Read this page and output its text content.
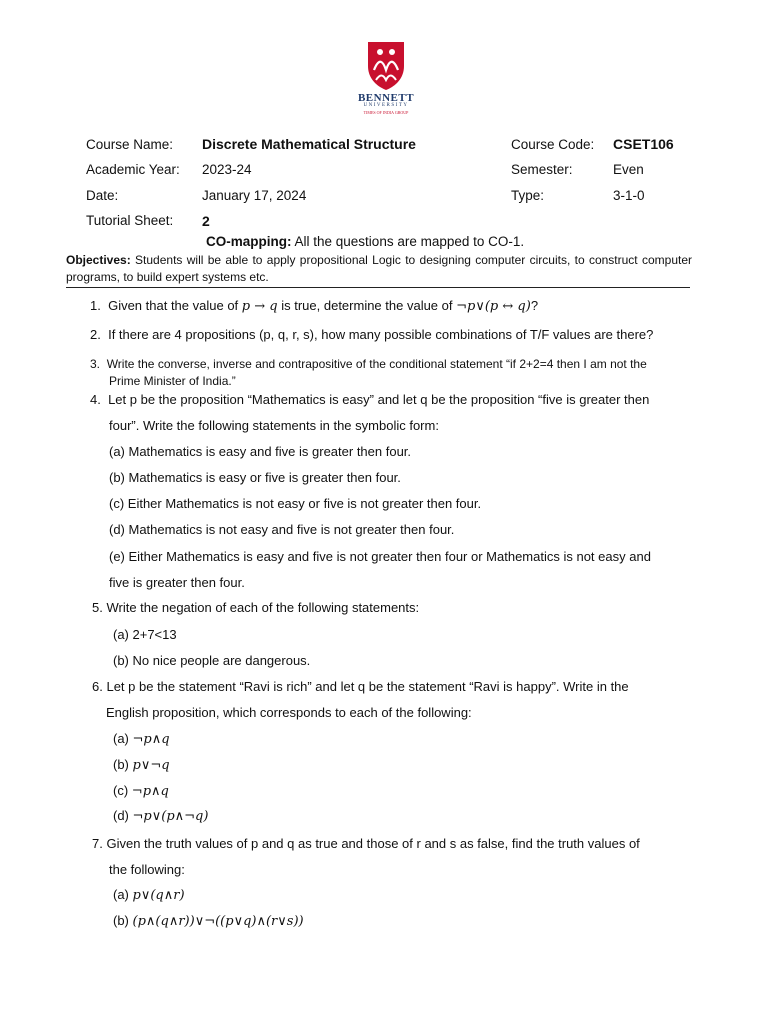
BENNETT
UNIVERSITY
TIMES OF INDIA GROUP
Course Name: Discrete Mathematical Structure	Course Code: CSET106
Academic Year: 2023-24	Semester:	Even
Date:	January 17, 2024	Type:	3-1-0
Tutorial Sheet: 2
CO-mapping: All the questions are mapped to CO-1.
Objectives: Students will be able to apply propositional Logic to designing computer circuits, to construct computer programs, to build expert systems etc.
1. Given that the value of p → q is true, determine the value of ¬p∨(p ↔ q)?
2. If there are 4 propositions (p, q, r, s), how many possible combinations of T/F values are there?
3. Write the converse, inverse and contrapositive of the conditional statement “if 2+2=4 then I am not the
Prime Minister of India.”
4. Let p be the proposition “Mathematics is easy” and let q be the proposition “five is greater then
four”. Write the following statements in the symbolic form:
(a) Mathematics is easy and five is greater then four.
(b) Mathematics is easy or five is greater then four.
(c) Either Mathematics is not easy or five is not greater then four.
(d) Mathematics is not easy and five is not greater then four.
(e) Either Mathematics is easy and five is not greater then four or Mathematics is not easy and
five is greater then four.
5. Write the negation of each of the following statements:
(a) 2+7<13
(b) No nice people are dangerous.
6. Let p be the statement “Ravi is rich” and let q be the statement “Ravi is happy”. Write in the
English proposition, which corresponds to each of the following:
(a) ¬p∧q
(b) p∨¬q
(c) ¬p∧q
(d) ¬p∨(p∧¬q)
7. Given the truth values of p and q as true and those of r and s as false, find the truth values of
the following:
(a) p∨(q∧r)
(b) (p∧(q∧r))∨¬((p∨q)∧(r∨s))
